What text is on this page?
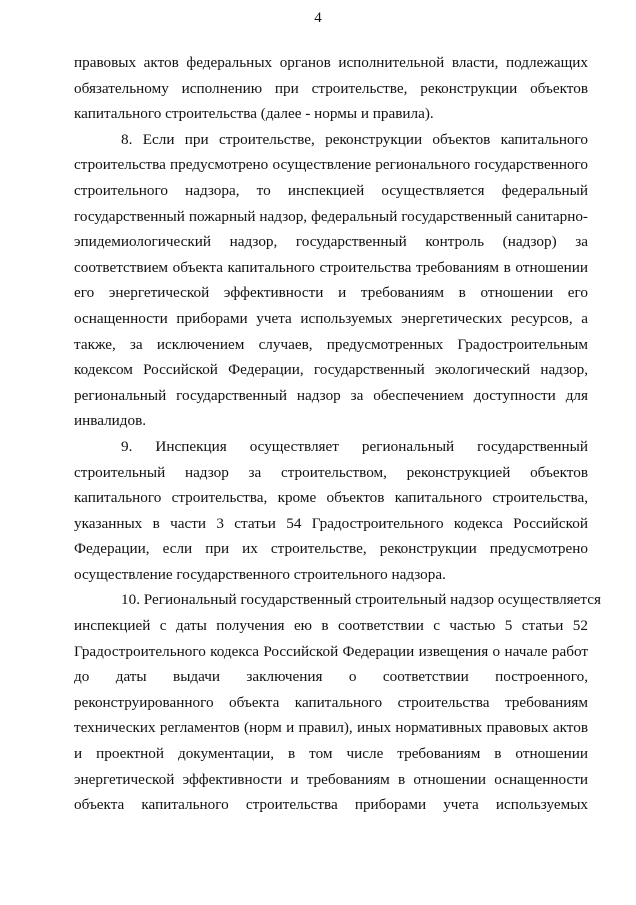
4
правовых актов федеральных органов исполнительной власти, подлежащих
обязательному исполнению при строительстве, реконструкции объектов
капитального строительства (далее - нормы и правила).
8. Если при строительстве, реконструкции объектов капитального
строительства предусмотрено осуществление регионального государственного
строительного надзора, то инспекцией осуществляется федеральный
государственный пожарный надзор, федеральный государственный санитарно-
эпидемиологический надзор, государственный контроль (надзор) за
соответствием объекта капитального строительства требованиям в отношении
его энергетической эффективности и требованиям в отношении его
оснащенности приборами учета используемых энергетических ресурсов, а
также, за исключением случаев, предусмотренных Градостроительным
кодексом Российской Федерации, государственный экологический надзор,
региональный государственный надзор за обеспечением доступности для
инвалидов.
9. Инспекция осуществляет региональный государственный
строительный надзор за строительством, реконструкцией объектов
капитального строительства, кроме объектов капитального строительства,
указанных в части 3 статьи 54 Градостроительного кодекса Российской
Федерации, если при их строительстве, реконструкции предусмотрено
осуществление государственного строительного надзора.
10. Региональный государственный строительный надзор осуществляется
инспекцией с даты получения ею в соответствии с частью 5 статьи 52
Градостроительного кодекса Российской Федерации извещения о начале работ
до даты выдачи заключения о соответствии построенного,
реконструированного объекта капитального строительства требованиям
технических регламентов (норм и правил), иных нормативных правовых актов
и проектной документации, в том числе требованиям в отношении
энергетической эффективности и требованиям в отношении оснащенности
объекта капитального строительства приборами учета используемых
